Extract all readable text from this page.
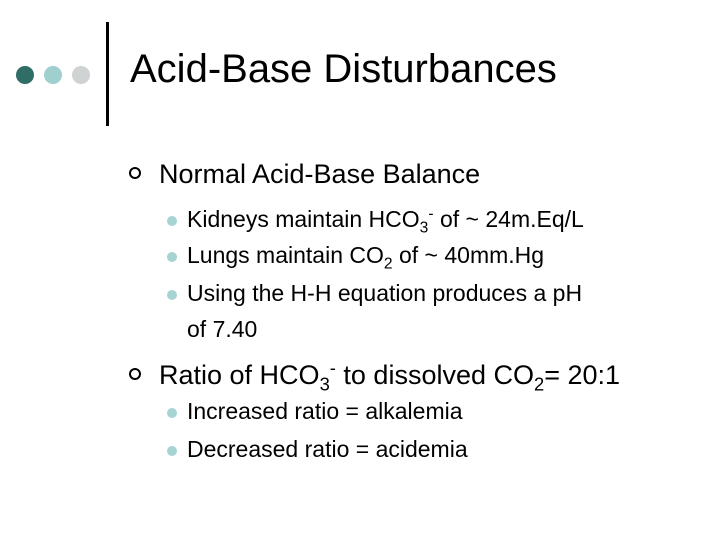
Acid-Base Disturbances
Normal Acid-Base Balance
Kidneys maintain $HCO_3^-$ of ~ 24m.Eq/L
Lungs maintain $CO_2$ of ~ 40mm.Hg
Using the H-H equation produces a pH
of 7.40
Ratio of $HCO_3^-$ to dissolved $CO_2=$ 20:1
Increased ratio = alkalemia
Decreased ratio = acidemia
